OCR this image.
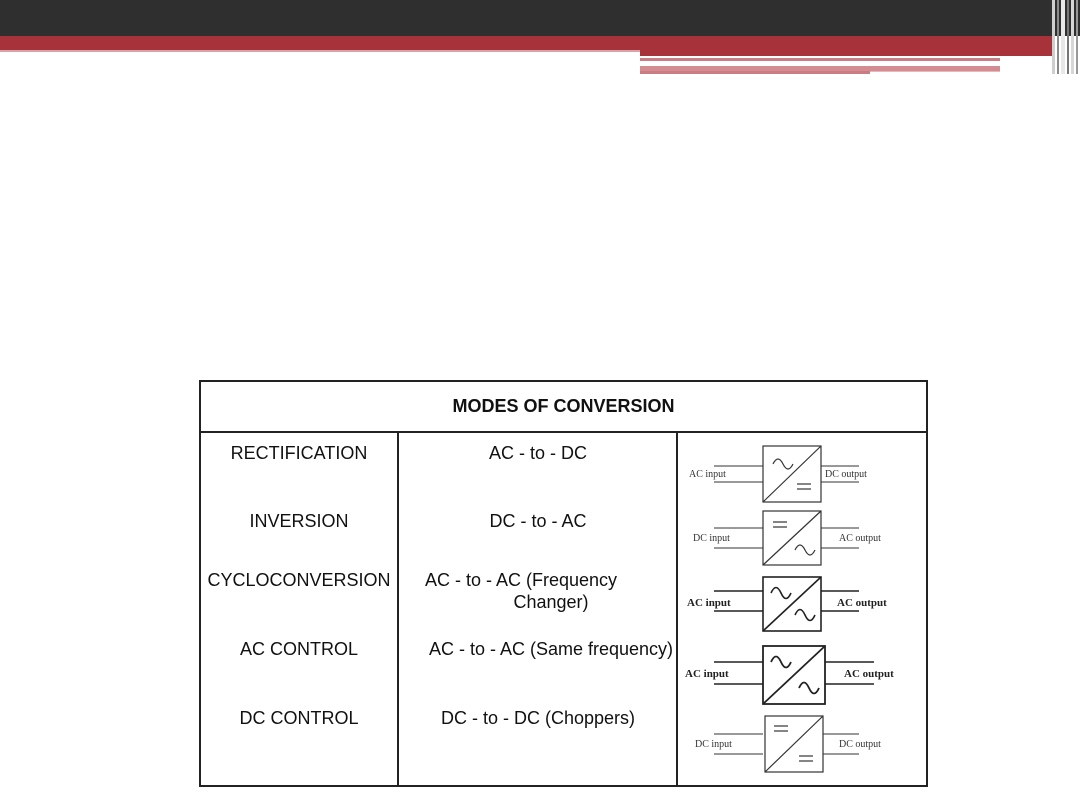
MODES OF CONVERSION
RECTIFICATION	AC - to - DC
INVERSION	DC - to - AC
CYCLOCONVERSION	AC - to - AC (Frequency
Changer)
AC CONTROL	AC - to - AC (Same frequency)
DC CONTROL	DC - to - DC (Choppers)
AC input	DC output
DC input	AC output
AC input	AC output
AC input	AC output
DC input	DC output
